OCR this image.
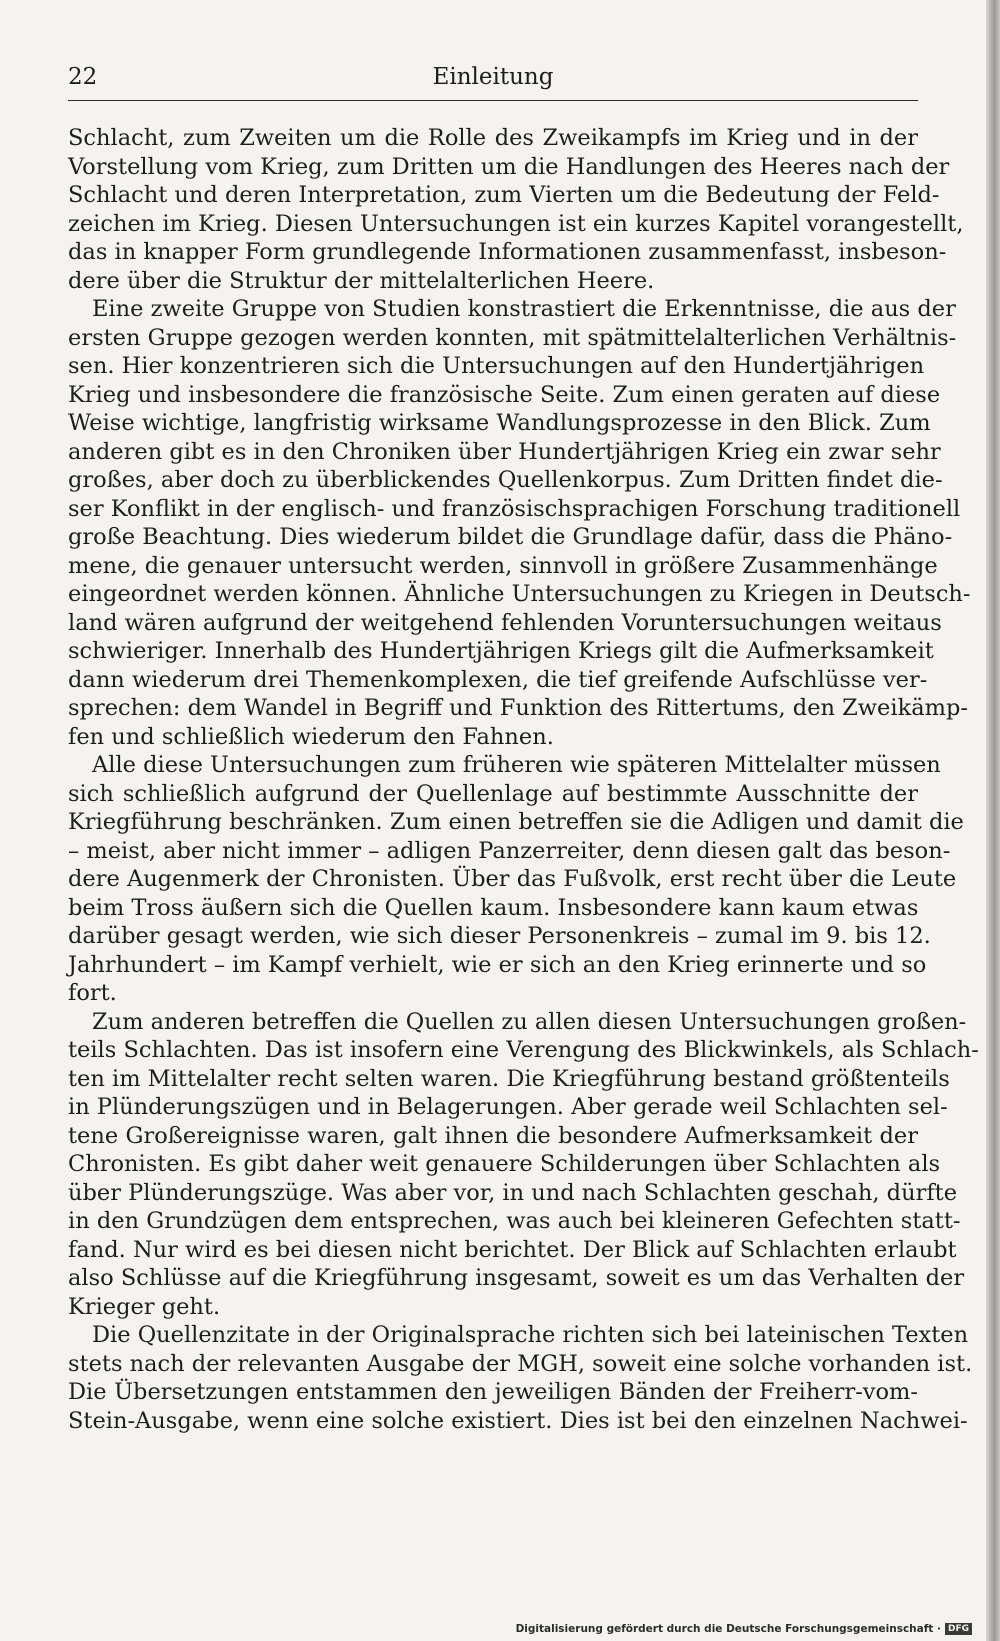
22	Einleitung
Schlacht, zum Zweiten um die Rolle des Zweikampfs im Krieg und in der
Vorstellung vom Krieg, zum Dritten um die Handlungen des Heeres nach der
Schlacht und deren Interpretation, zum Vierten um die Bedeutung der Feld-
zeichen im Krieg. Diesen Untersuchungen ist ein kurzes Kapitel vorangestellt,
das in knapper Form grundlegende Informationen zusammenfasst, insbeson-
dere über die Struktur der mittelalterlichen Heere.
Eine zweite Gruppe von Studien konstrastiert die Erkenntnisse, die aus der
ersten Gruppe gezogen werden konnten, mit spätmittelalterlichen Verhältnis-
sen. Hier konzentrieren sich die Untersuchungen auf den Hundertjährigen
Krieg und insbesondere die französische Seite. Zum einen geraten auf diese
Weise wichtige, langfristig wirksame Wandlungsprozesse in den Blick. Zum
anderen gibt es in den Chroniken über Hundertjährigen Krieg ein zwar sehr
großes, aber doch zu überblickendes Quellenkorpus. Zum Dritten findet die-
ser Konflikt in der englisch- und französischsprachigen Forschung traditionell
große Beachtung. Dies wiederum bildet die Grundlage dafür, dass die Phäno-
mene, die genauer untersucht werden, sinnvoll in größere Zusammenhänge
eingeordnet werden können. Ähnliche Untersuchungen zu Kriegen in Deutsch-
land wären aufgrund der weitgehend fehlenden Voruntersuchungen weitaus
schwieriger. Innerhalb des Hundertjährigen Kriegs gilt die Aufmerksamkeit
dann wiederum drei Themenkomplexen, die tief greifende Aufschlüsse ver-
sprechen: dem Wandel in Begriff und Funktion des Rittertums, den Zweikämp-
fen und schließlich wiederum den Fahnen.
Alle diese Untersuchungen zum früheren wie späteren Mittelalter müssen
sich schließlich aufgrund der Quellenlage auf bestimmte Ausschnitte der
Kriegführung beschränken. Zum einen betreffen sie die Adligen und damit die
– meist, aber nicht immer – adligen Panzerreiter, denn diesen galt das beson-
dere Augenmerk der Chronisten. Über das Fußvolk, erst recht über die Leute
beim Tross äußern sich die Quellen kaum. Insbesondere kann kaum etwas
darüber gesagt werden, wie sich dieser Personenkreis – zumal im 9. bis 12.
Jahrhundert – im Kampf verhielt, wie er sich an den Krieg erinnerte und so
fort.
Zum anderen betreffen die Quellen zu allen diesen Untersuchungen großen-
teils Schlachten. Das ist insofern eine Verengung des Blickwinkels, als Schlach-
ten im Mittelalter recht selten waren. Die Kriegführung bestand größtenteils
in Plünderungszügen und in Belagerungen. Aber gerade weil Schlachten sel-
tene Großereignisse waren, galt ihnen die besondere Aufmerksamkeit der
Chronisten. Es gibt daher weit genauere Schilderungen über Schlachten als
über Plünderungszüge. Was aber vor, in und nach Schlachten geschah, dürfte
in den Grundzügen dem entsprechen, was auch bei kleineren Gefechten statt-
fand. Nur wird es bei diesen nicht berichtet. Der Blick auf Schlachten erlaubt
also Schlüsse auf die Kriegführung insgesamt, soweit es um das Verhalten der
Krieger geht.
Die Quellenzitate in der Originalsprache richten sich bei lateinischen Texten
stets nach der relevanten Ausgabe der MGH, soweit eine solche vorhanden ist.
Die Übersetzungen entstammen den jeweiligen Bänden der Freiherr-vom-
Stein-Ausgabe, wenn eine solche existiert. Dies ist bei den einzelnen Nachwei-
Digitalisierung gefördert durch die Deutsche Forschungsgemeinschaft · DFG
